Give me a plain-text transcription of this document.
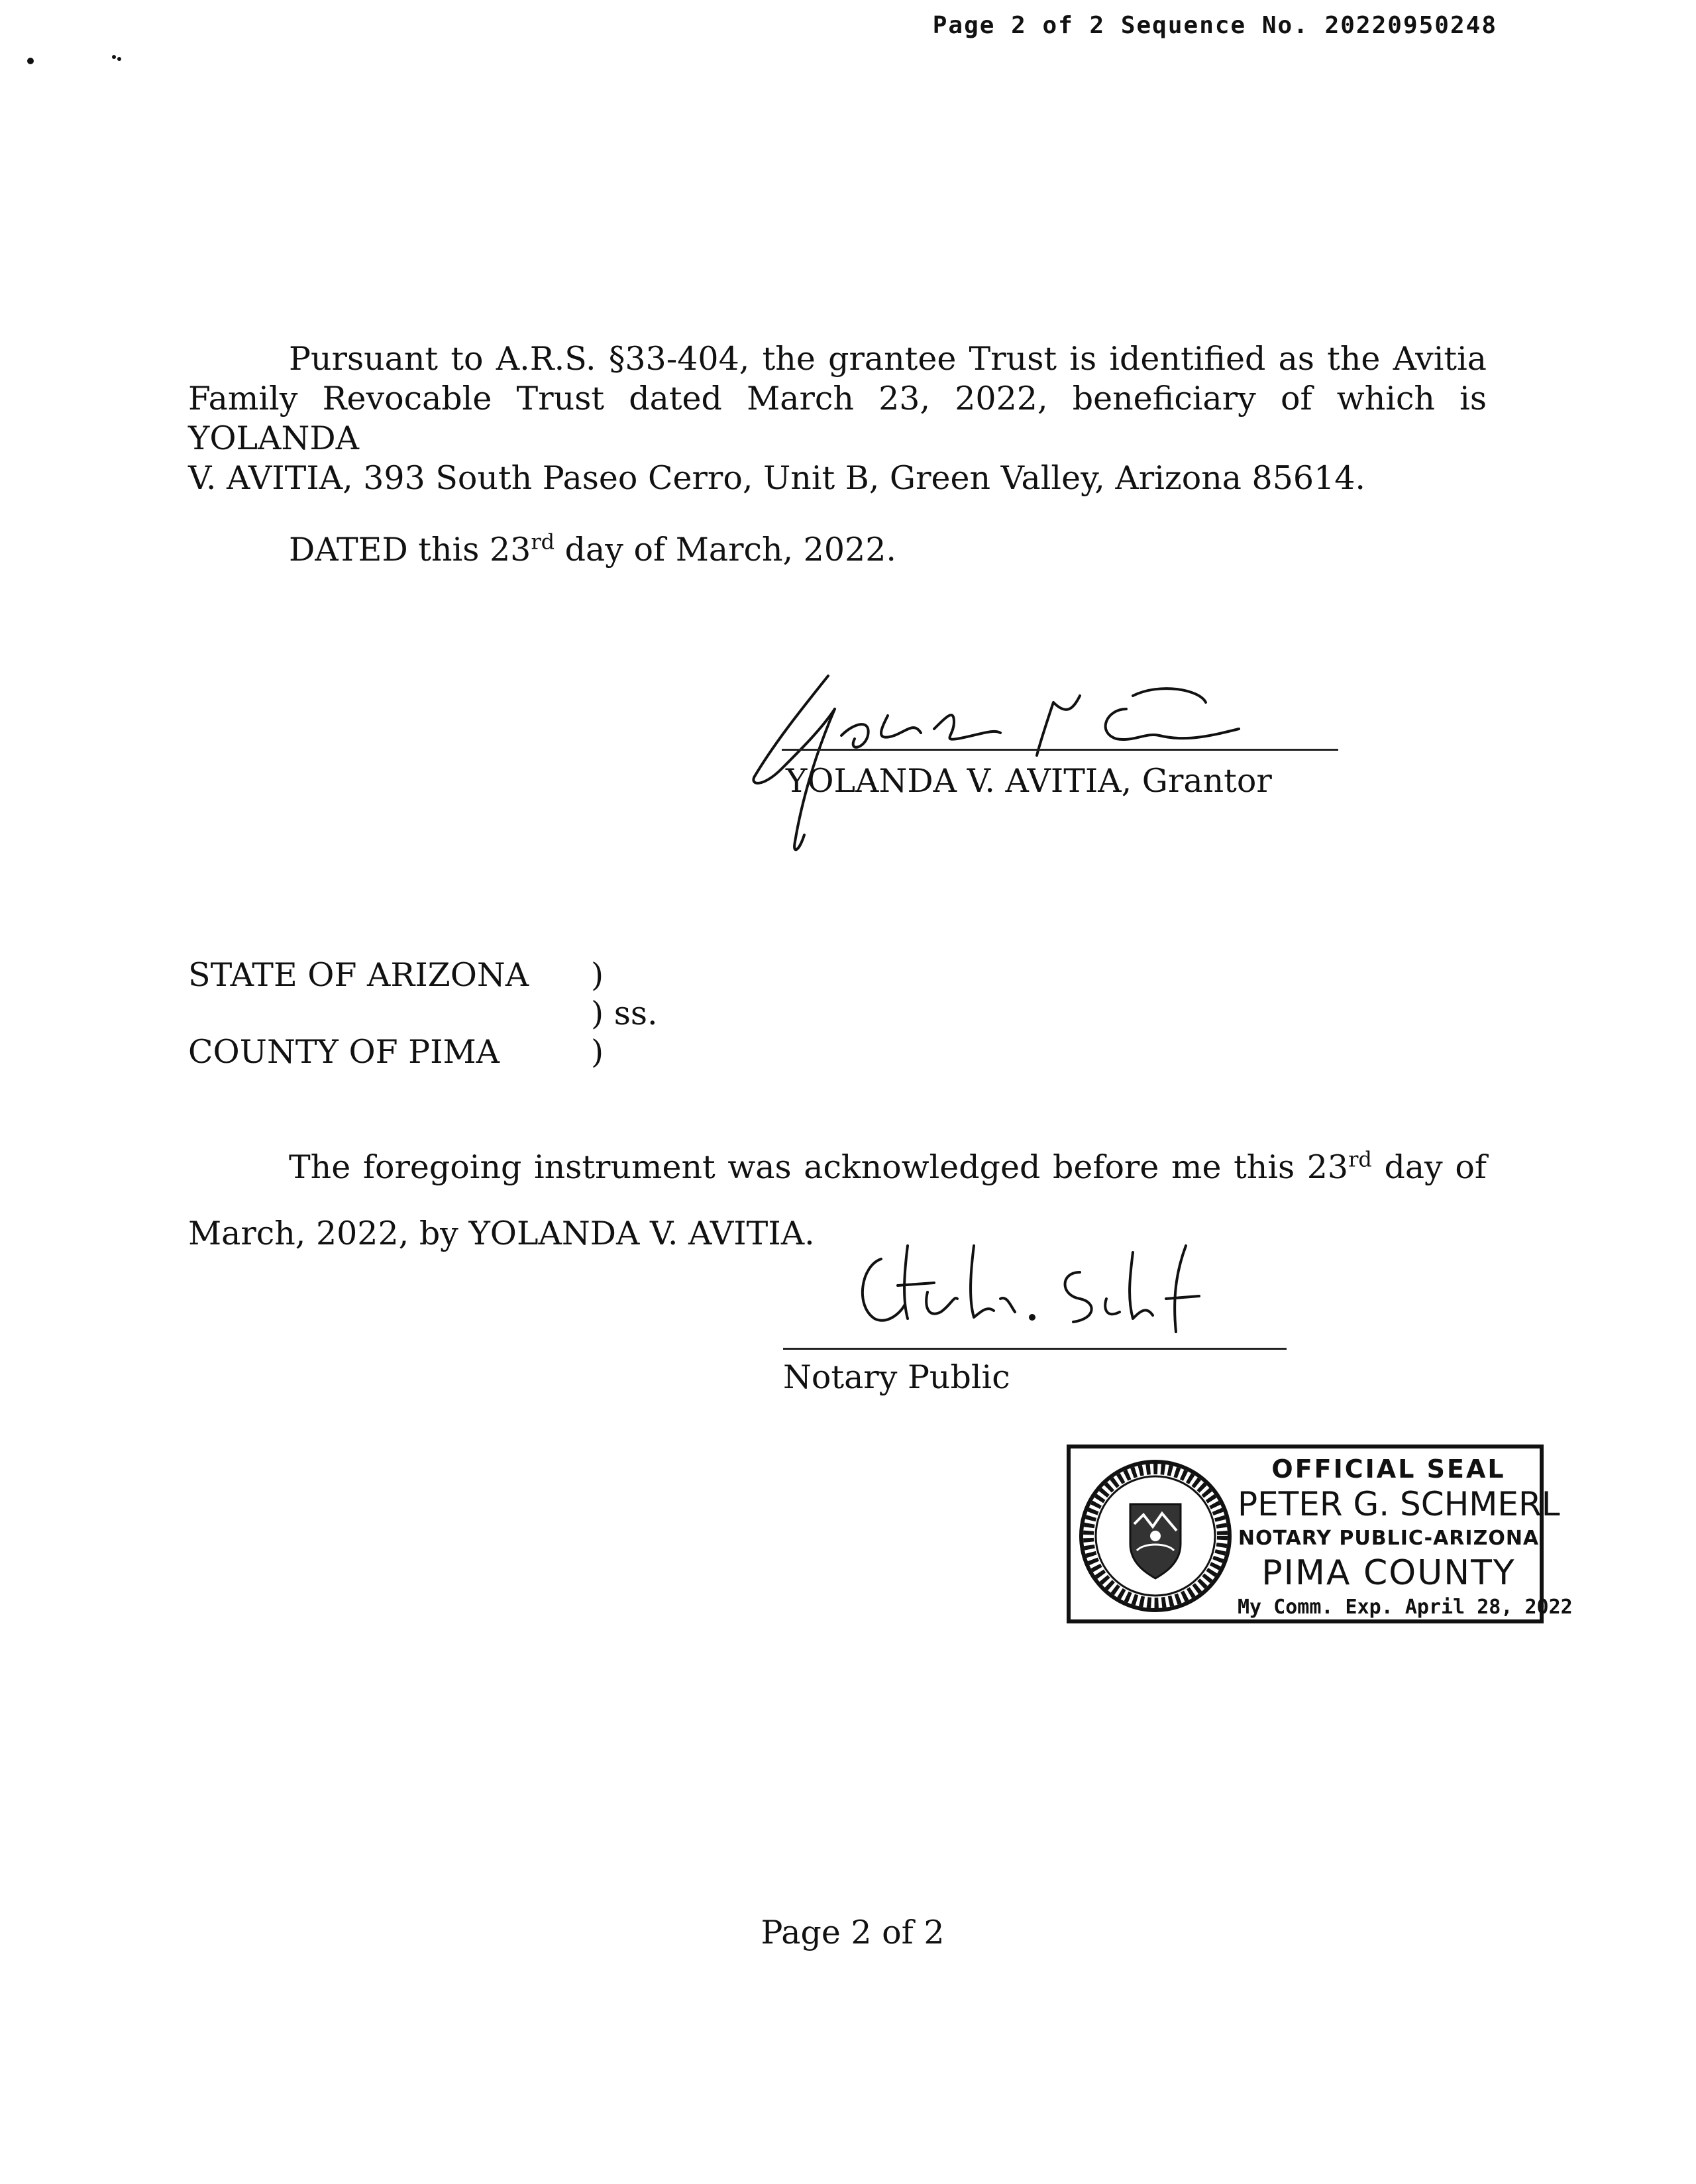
Page 2 of 2 Sequence No. 20220950248
Pursuant to A.R.S. §33-404, the grantee Trust is identified as the Avitia
Family Revocable Trust dated March 23, 2022, beneficiary of which is YOLANDA
V. AVITIA, 393 South Paseo Cerro, Unit B, Green Valley, Arizona 85614.
DATED this 23rd day of March, 2022.
YOLANDA V. AVITIA, Grantor
STATE OF ARIZONA )
) ss.
COUNTY OF PIMA	)
The foregoing instrument was acknowledged before me this 23rd day of
March, 2022, by YOLANDA V. AVITIA.
Notary Public
OFFICIAL SEAL
PETER G. SCHMERL
NOTARY PUBLIC-ARIZONA
PIMA COUNTY
My Comm. Exp. April 28, 2022
Page 2 of 2
